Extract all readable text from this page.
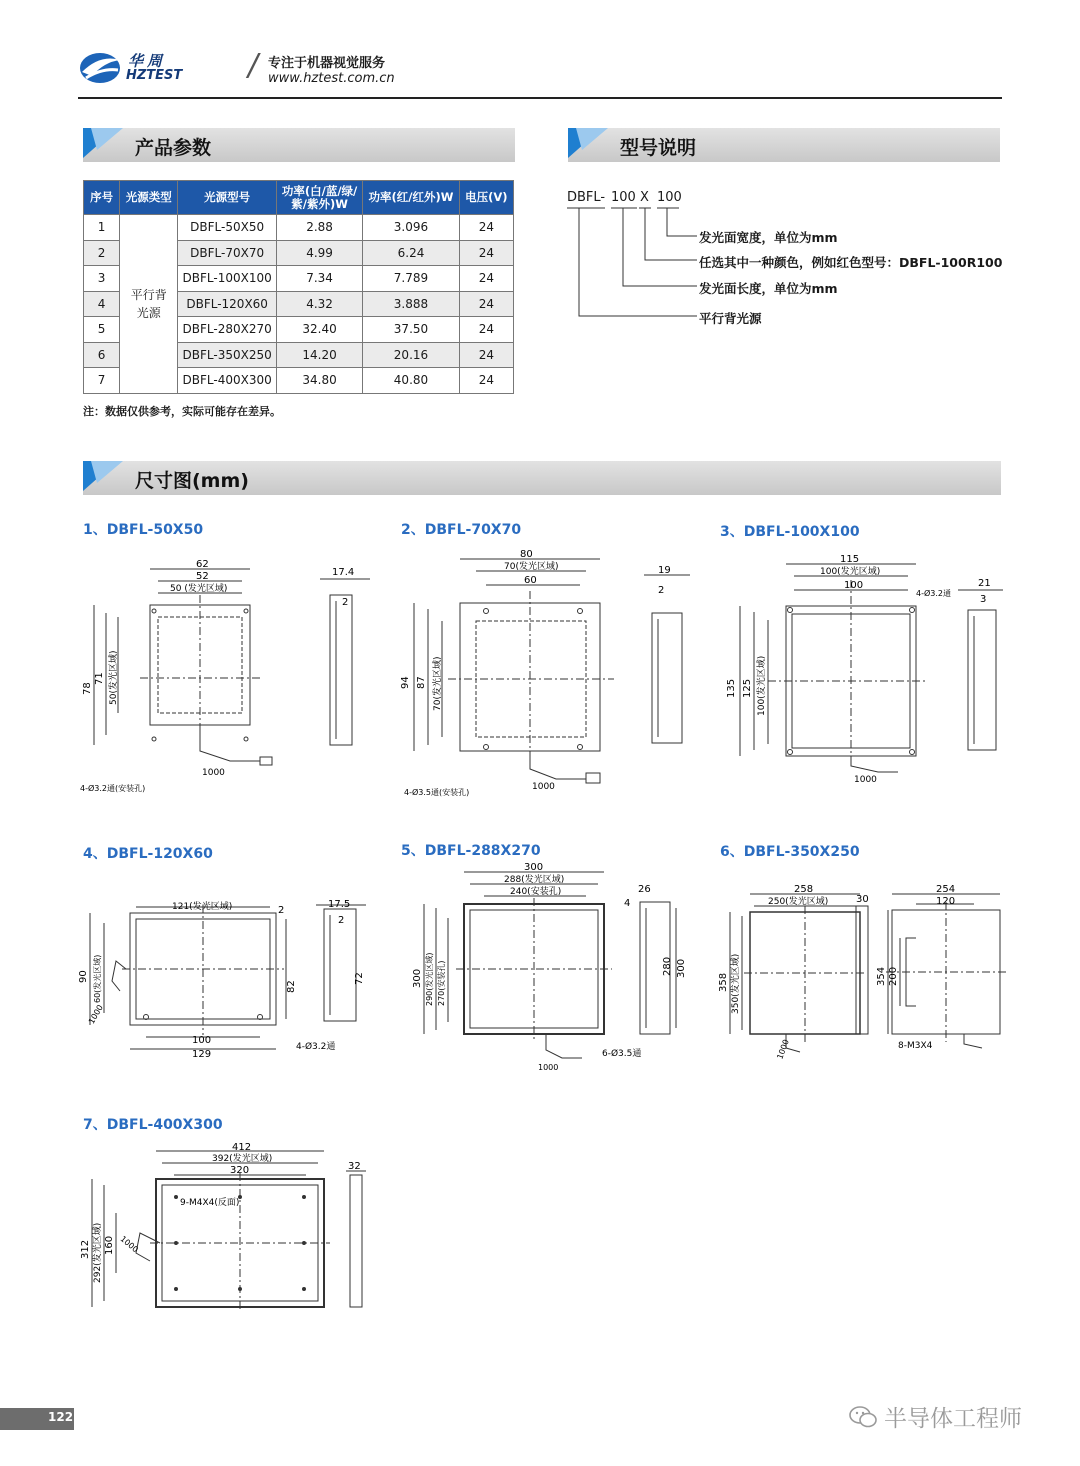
华周
HZTEST / 专注于机器视觉服务
www.hztest.com.cn
产品参数	型号说明
尺寸图(mm)
序号	光源类型	光源型号	功率(白/蓝/绿/紫/紫外)W	功率(红/红外)W	电压(V)
1	平行背光源	DBFL-50X50	2.88	3.096	24
2		DBFL-70X70	4.99	6.24	24
3		DBFL-100X100	7.34	7.789	24
4		DBFL-120X60	4.32	3.888	24
5		DBFL-280X270	32.40	37.50	24
6		DBFL-350X250	14.20	20.16	24
7		DBFL-400X300	34.80	40.80	24
注：数据仅供参考，实际可能存在差异。
DBFL- 100 X 100
发光面宽度，单位为mm
任选其中一种颜色，例如红色型号：DBFL-100R100
发光面长度，单位为mm
平行背光源
1、DBFL-50X50
62
52
50 (发光区域)
78
71 50(发光区域)
17.4
2
1000
4-Ø3.2通(安装孔)
2、DBFL-70X70
80
70(发光区域)
60
94 87 70(发光区域)
19
2
1000
4-Ø3.5通(安装孔)
3、DBFL-100X100
115
100(发光区域)
100
135 125 100(发光区域)
21
3
1000
4-Ø3.2通
4、DBFL-120X60
121(发光区域)	2
90 60(发光区域)	82
100
129
17.5
2
72
1000
4-Ø3.2通
5、DBFL-288X270
300
288(发光区域)
240(安装孔)
300 290(发光区域) 270(安装孔)	280 300
26
4
1000
6-Ø3.5通
6、DBFL-350X250
258
250(发光区域)
358 350(发光区域)
30
254
120
354 200
1000	8-M3X4
7、DBFL-400X300
412
392(发光区域)
320
312 292(发光区域) 160
32
1000
9-M4X4(反面)
122	半导体工程师
